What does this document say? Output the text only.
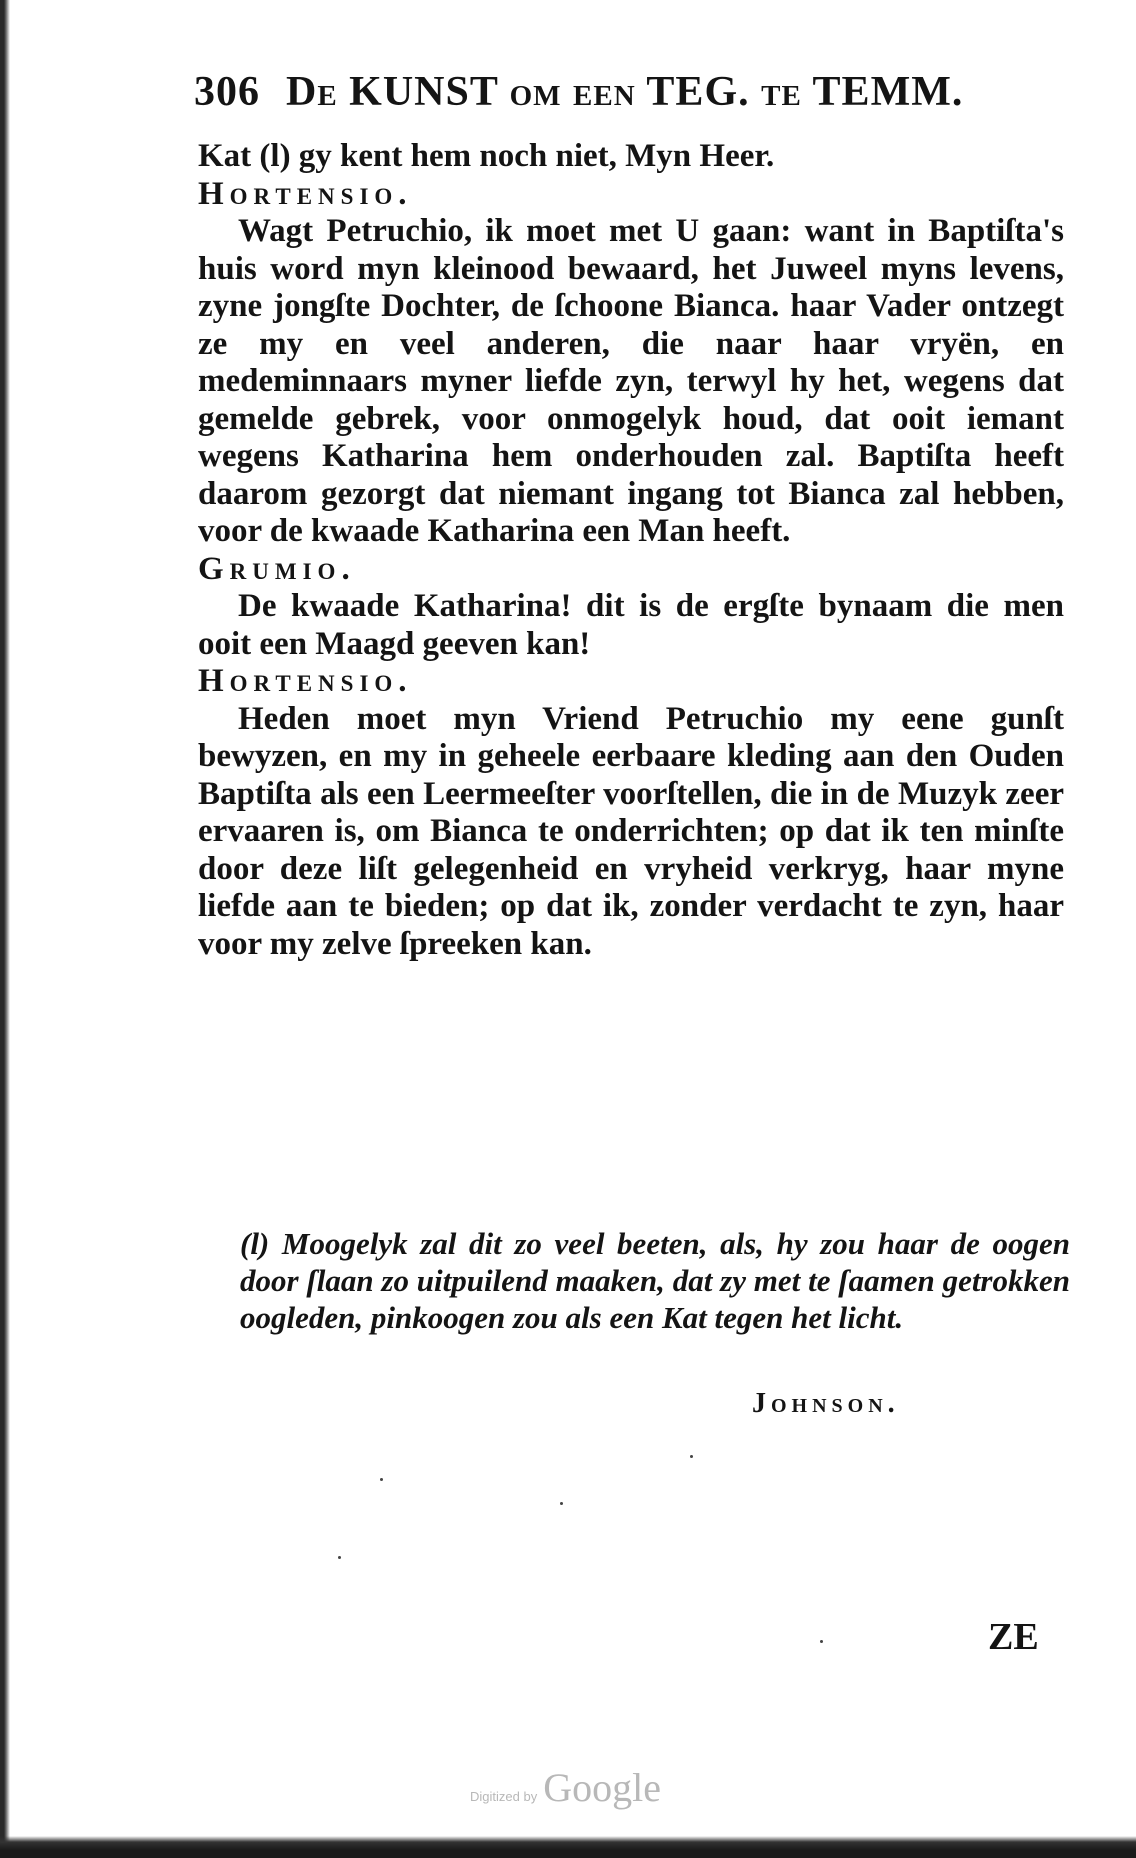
306 De KUNST om een TEG. te TEMM.

Kat (l) gy kent hem noch niet, Myn Heer.

Hortensio.

Wagt Petruchio, ik moet met U gaan: want in Baptiſta's huis word myn kleinood bewaard, het Juweel myns levens, zyne jongſte Dochter, de ſchoone Bianca. haar Vader ontzegt ze my en veel anderen, die naar haar vryën, en medeminnaars myner liefde zyn, terwyl hy het, wegens dat gemelde gebrek, voor onmogelyk houd, dat ooit iemant wegens Katharina hem onderhouden zal. Baptiſta heeft daarom gezorgt dat niemant ingang tot Bianca zal hebben, voor de kwaade Katharina een Man heeft.

Grumio.

De kwaade Katharina! dit is de ergſte bynaam die men ooit een Maagd geeven kan!

Hortensio.

Heden moet myn Vriend Petruchio my eene gunſt bewyzen, en my in geheele eerbaare kleding aan den Ouden Baptiſta als een Leermeeſter voorſtellen, die in de Muzyk zeer ervaaren is, om Bianca te onderrichten; op dat ik ten minſte door deze liſt gelegenheid en vryheid verkryg, haar myne liefde aan te bieden; op dat ik, zonder verdacht te zyn, haar voor my zelve ſpreeken kan.

(l) Moogelyk zal dit zo veel beeten, als, hy zou haar de oogen door ſlaan zo uitpuilend maaken, dat zy met te ſaamen getrokken oogleden, pinkoogen zou als een Kat tegen het licht.
Johnson.
ZE
Digitized by Google
